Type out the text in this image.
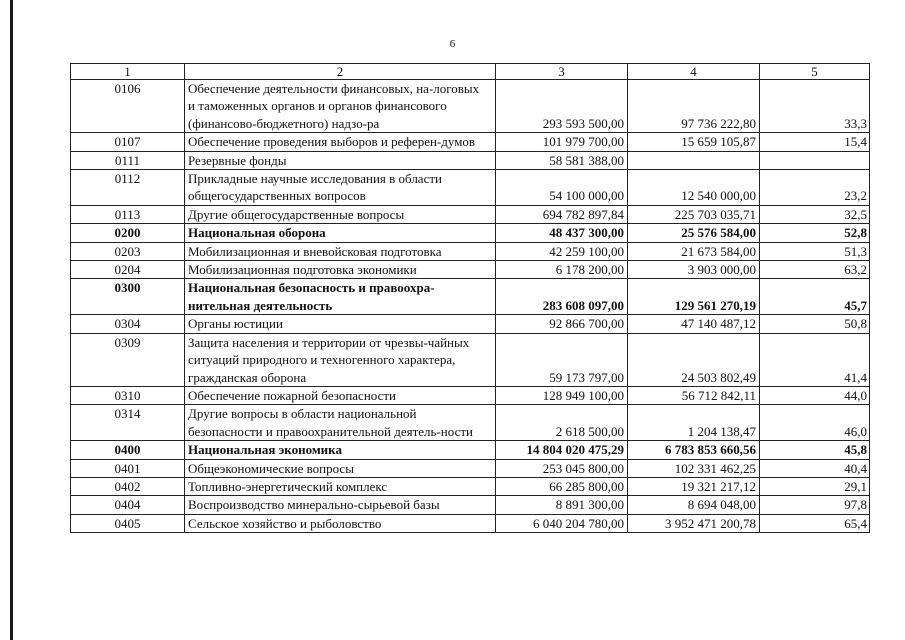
6
1	2	3	4	5
0106	Обеспечение деятельности финансовых, на-логовых и таможенных органов и органов финансового (финансово-бюджетного) надзо-ра	293 593 500,00	97 736 222,80	33,3
0107	Обеспечение проведения выборов и референ-думов	101 979 700,00	15 659 105,87	15,4
0111	Резервные фонды	58 581 388,00		
0112	Прикладные научные исследования в области общегосударственных вопросов	54 100 000,00	12 540 000,00	23,2
0113	Другие общегосударственные вопросы	694 782 897,84	225 703 035,71	32,5
0200	Национальная оборона	48 437 300,00	25 576 584,00	52,8
0203	Мобилизационная и вневойсковая подготовка	42 259 100,00	21 673 584,00	51,3
0204	Мобилизационная подготовка экономики	6 178 200,00	3 903 000,00	63,2
0300	Национальная безопасность и правоохра-нительная деятельность	283 608 097,00	129 561 270,19	45,7
0304	Органы юстиции	92 866 700,00	47 140 487,12	50,8
0309	Защита населения и территории от чрезвы-чайных ситуаций природного и техногенного характера, гражданская оборона	59 173 797,00	24 503 802,49	41,4
0310	Обеспечение пожарной безопасности	128 949 100,00	56 712 842,11	44,0
0314	Другие вопросы в области национальной безопасности и правоохранительной деятель-ности	2 618 500,00	1 204 138,47	46,0
0400	Национальная экономика	14 804 020 475,29	6 783 853 660,56	45,8
0401	Общеэкономические вопросы	253 045 800,00	102 331 462,25	40,4
0402	Топливно-энергетический комплекс	66 285 800,00	19 321 217,12	29,1
0404	Воспроизводство минерально-сырьевой базы	8 891 300,00	8 694 048,00	97,8
0405	Сельское хозяйство и рыболовство	6 040 204 780,00	3 952 471 200,78	65,4
